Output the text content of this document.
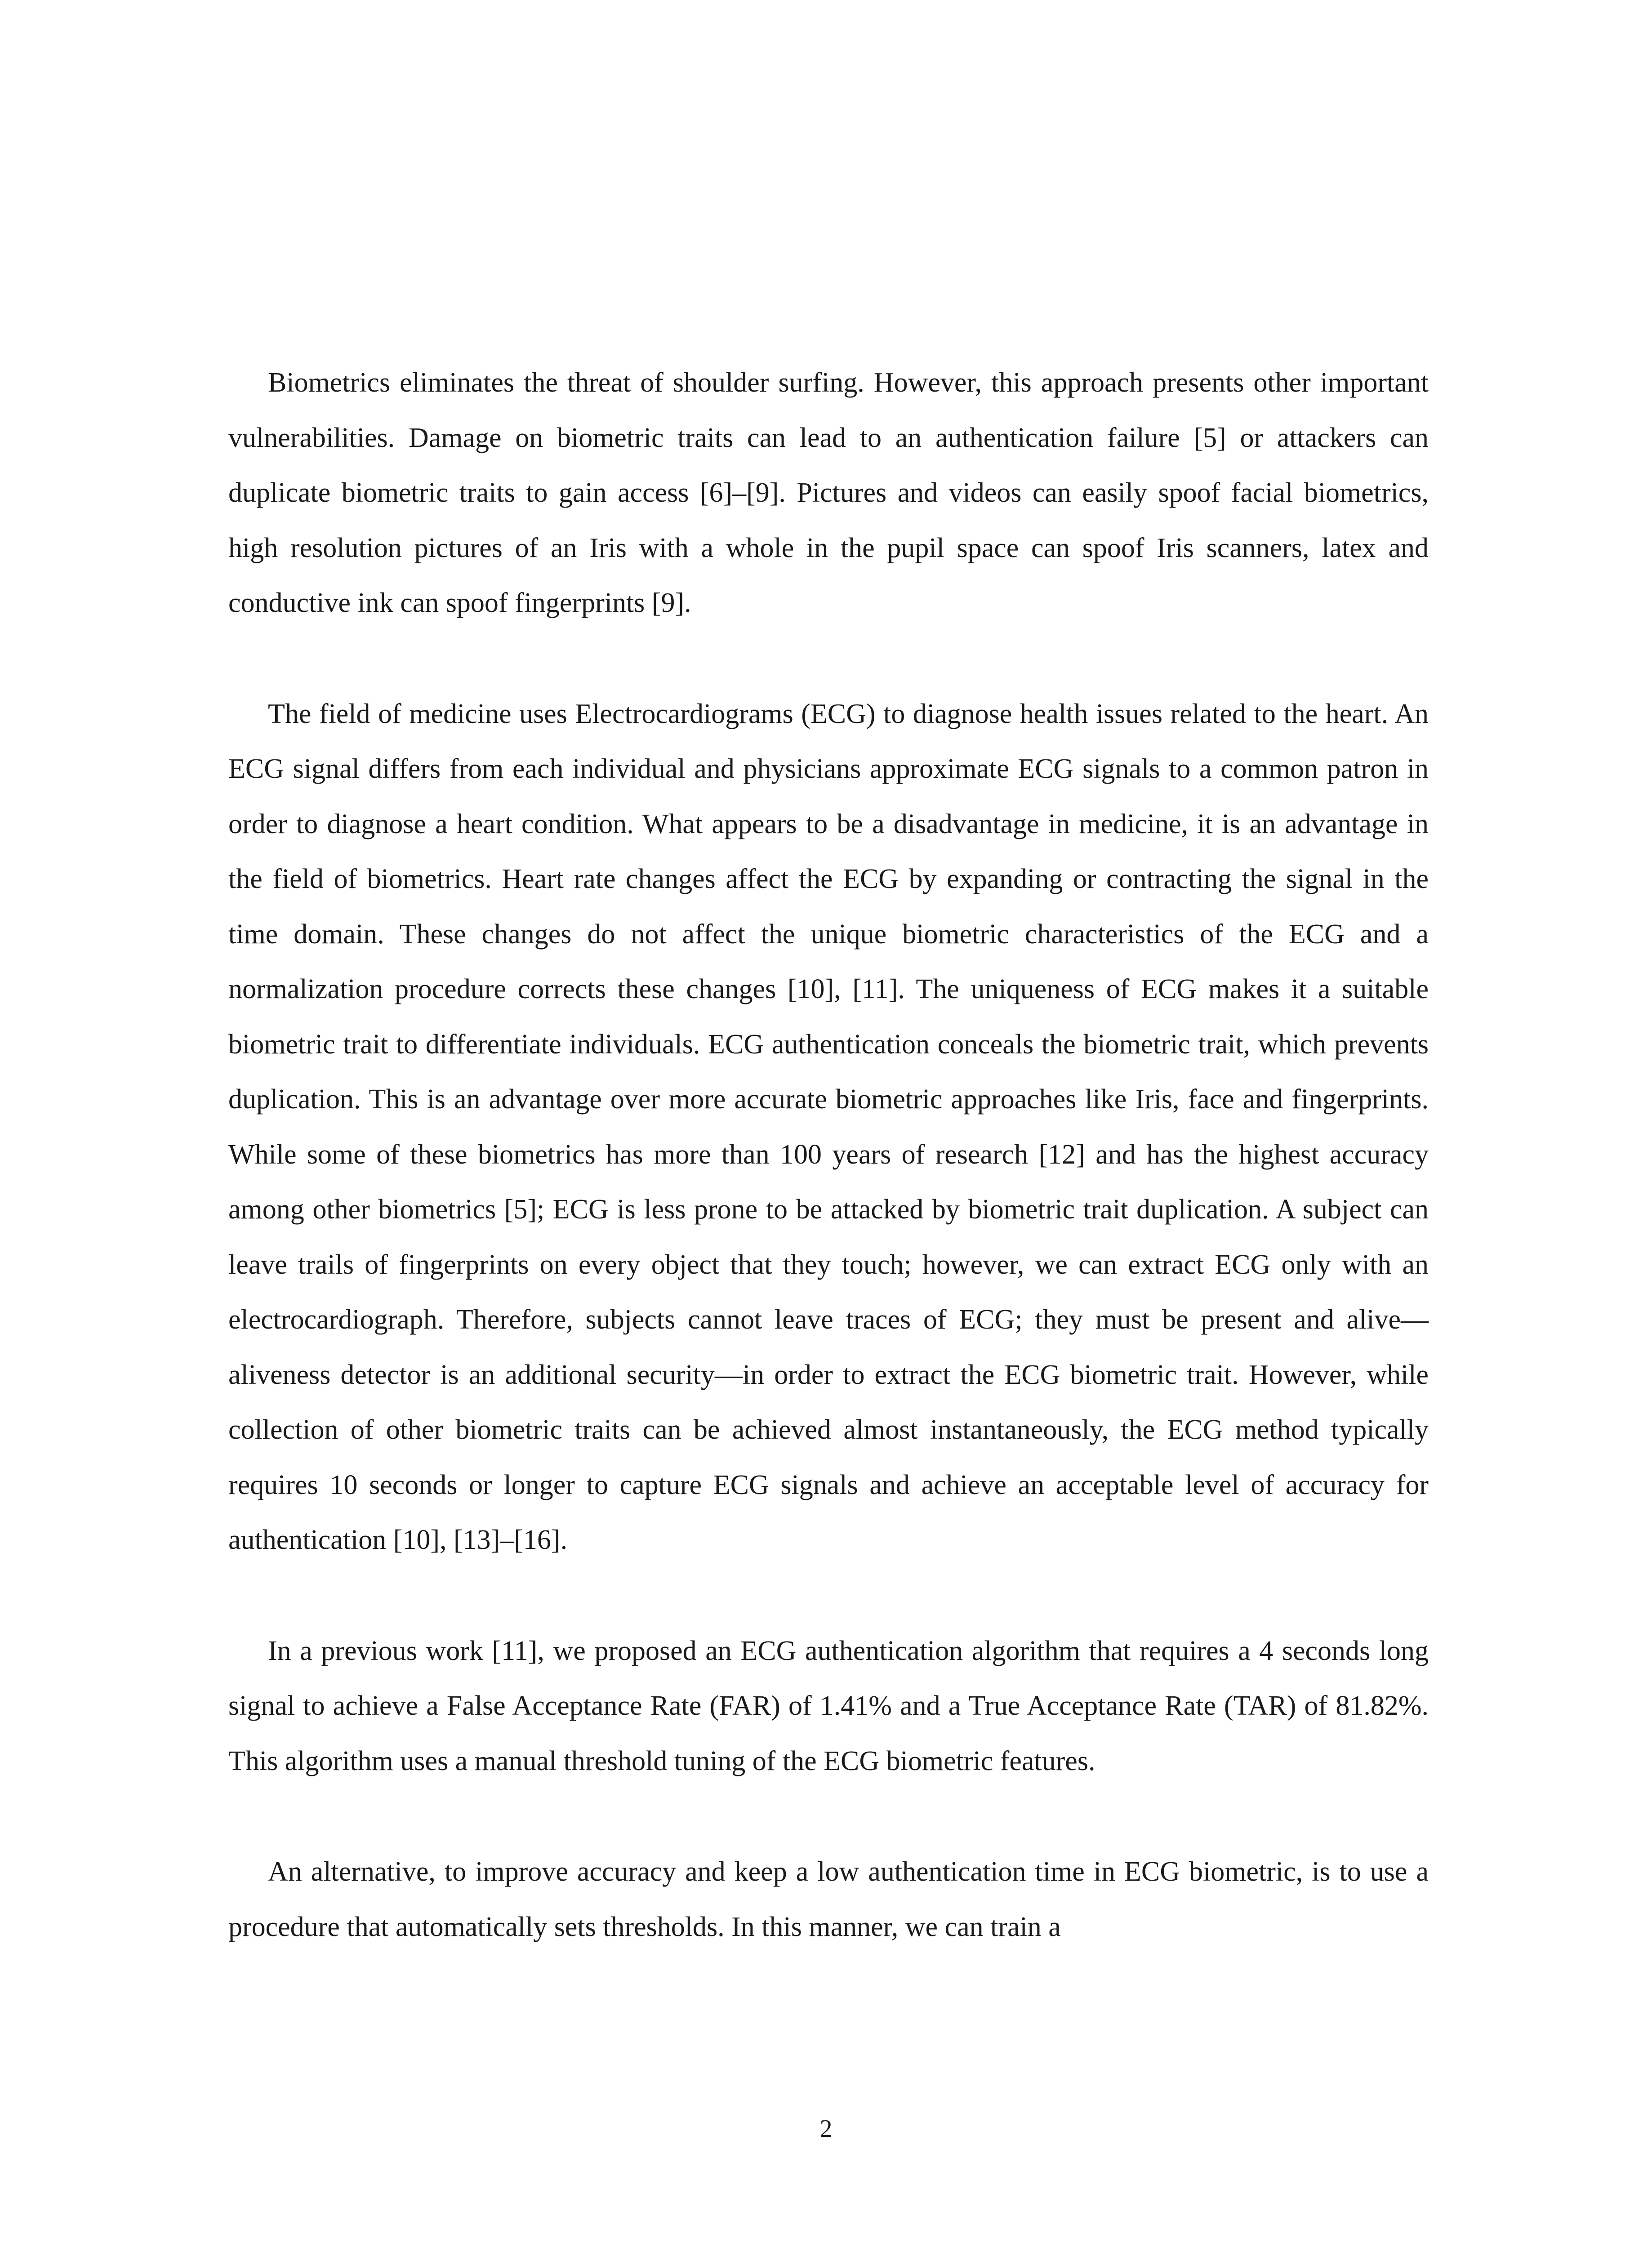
Biometrics eliminates the threat of shoulder surfing. However, this approach presents other important vulnerabilities. Damage on biometric traits can lead to an authentication failure [5] or attackers can duplicate biometric traits to gain access [6]–[9]. Pictures and videos can easily spoof facial biometrics, high resolution pictures of an Iris with a whole in the pupil space can spoof Iris scanners, latex and conductive ink can spoof fingerprints [9].

The field of medicine uses Electrocardiograms (ECG) to diagnose health issues related to the heart. An ECG signal differs from each individual and physicians approximate ECG signals to a common patron in order to diagnose a heart condition. What appears to be a disadvantage in medicine, it is an advantage in the field of biometrics. Heart rate changes affect the ECG by expanding or contracting the signal in the time domain. These changes do not affect the unique biometric characteristics of the ECG and a normalization procedure corrects these changes [10], [11]. The uniqueness of ECG makes it a suitable biometric trait to differentiate individuals. ECG authentication conceals the biometric trait, which prevents duplication. This is an advantage over more accurate biometric approaches like Iris, face and fingerprints. While some of these biometrics has more than 100 years of research [12] and has the highest accuracy among other biometrics [5]; ECG is less prone to be attacked by biometric trait duplication. A subject can leave trails of fingerprints on every object that they touch; however, we can extract ECG only with an electrocardiograph. Therefore, subjects cannot leave traces of ECG; they must be present and alive—aliveness detector is an additional security—in order to extract the ECG biometric trait. However, while collection of other biometric traits can be achieved almost instantaneously, the ECG method typically requires 10 seconds or longer to capture ECG signals and achieve an acceptable level of accuracy for authentication [10], [13]–[16].

In a previous work [11], we proposed an ECG authentication algorithm that requires a 4 seconds long signal to achieve a False Acceptance Rate (FAR) of 1.41% and a True Acceptance Rate (TAR) of 81.82%. This algorithm uses a manual threshold tuning of the ECG biometric features.

An alternative, to improve accuracy and keep a low authentication time in ECG biometric, is to use a procedure that automatically sets thresholds. In this manner, we can train a

2
